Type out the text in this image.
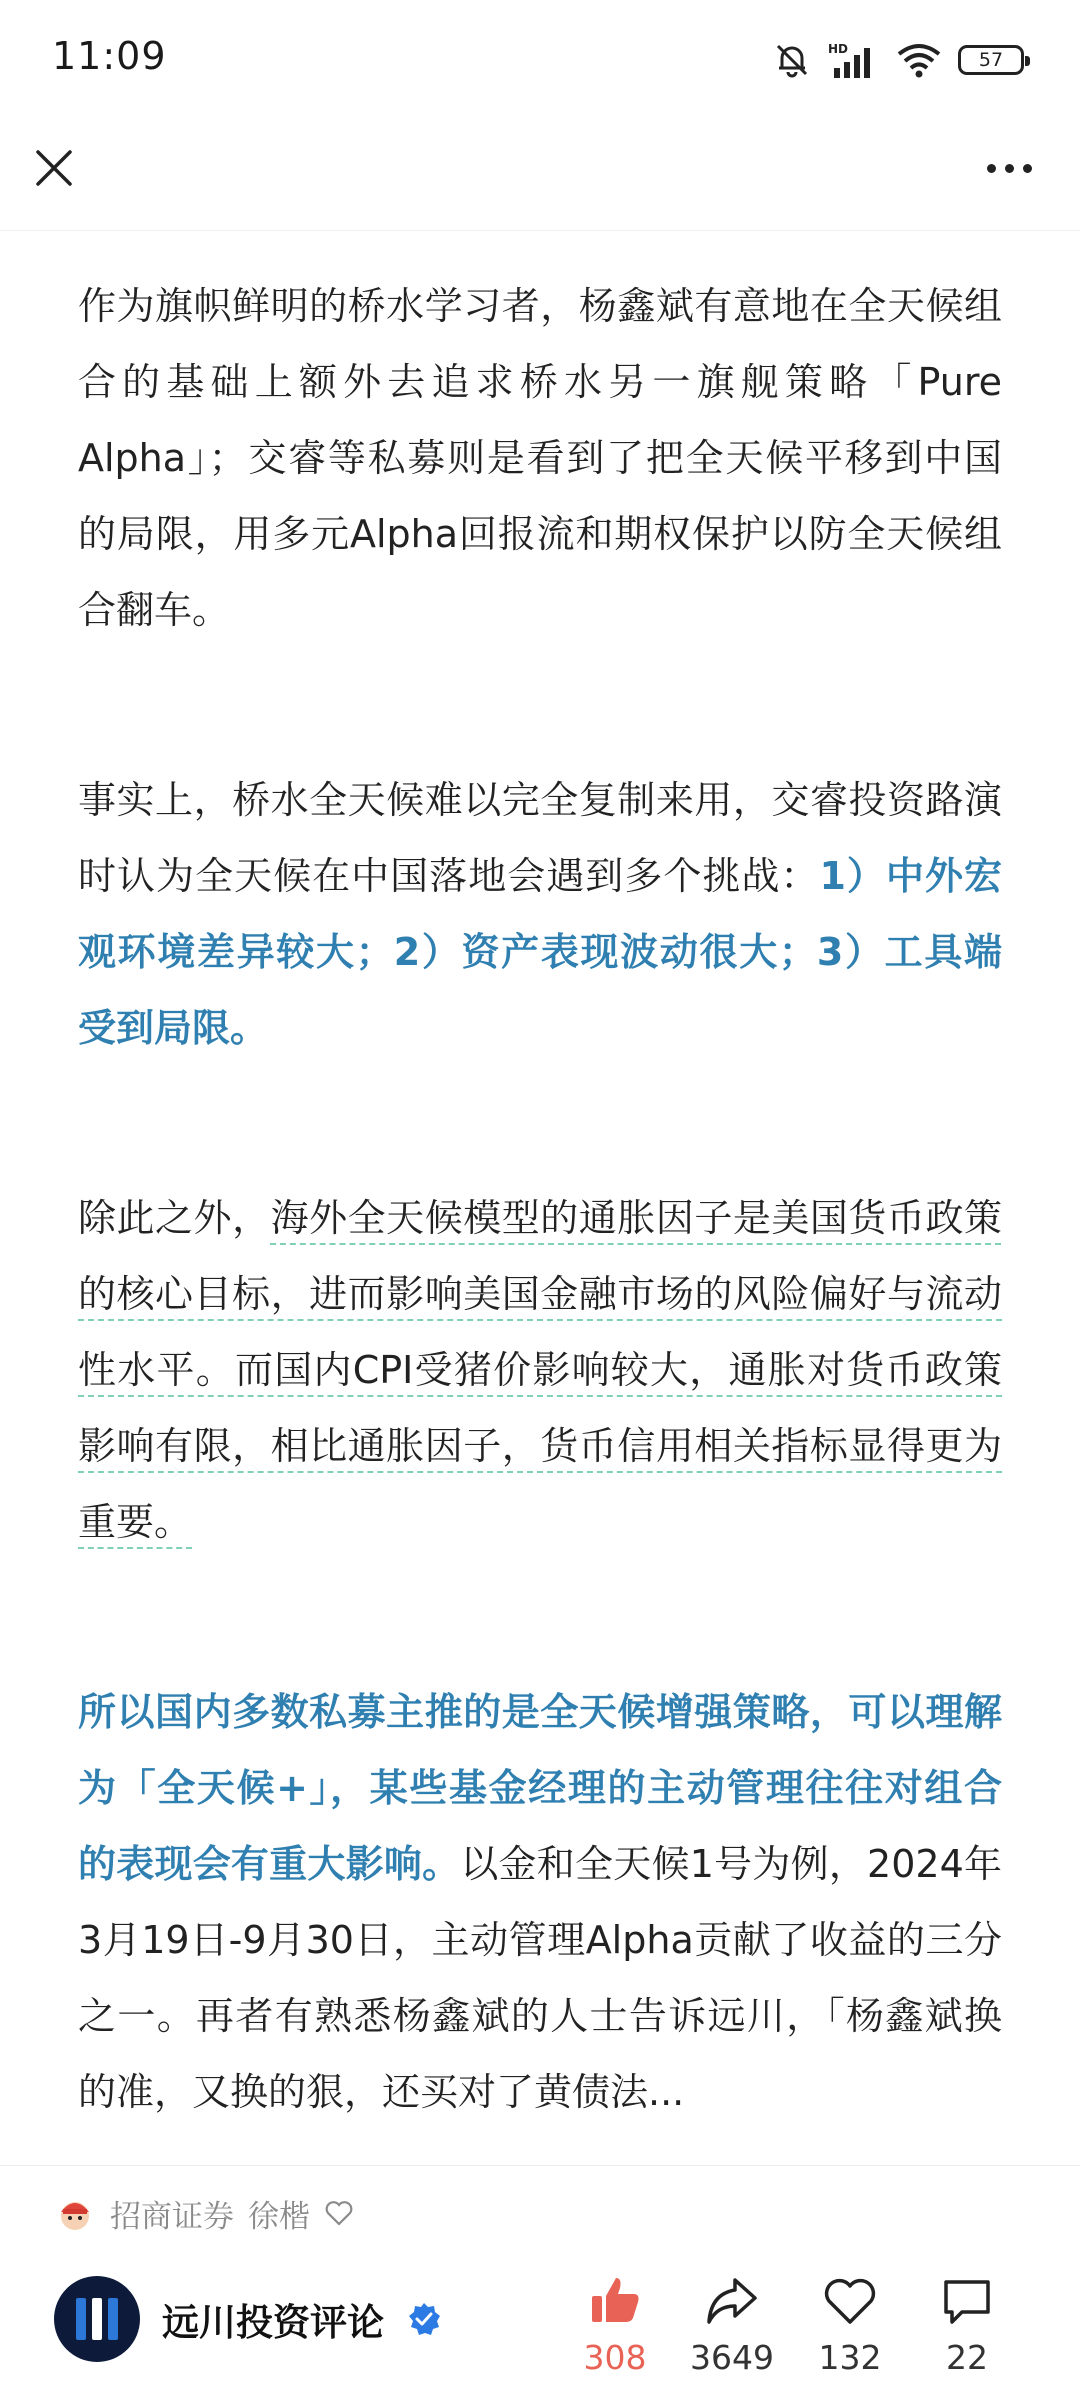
11:09	HD	57

作为旗帜鲜明的桥水学习者，杨鑫斌有意地在全天候组合的基础上额外去追求桥水另一旗舰策略「Pure Alpha」；交睿等私募则是看到了把全天候平移到中国的局限，用多元Alpha回报流和期权保护以防全天候组合翻车。

事实上，桥水全天候难以完全复制来用，交睿投资路演时认为全天候在中国落地会遇到多个挑战：1）中外宏观环境差异较大；2）资产表现波动很大；3）工具端受到局限。

除此之外，海外全天候模型的通胀因子是美国货币政策的核心目标，进而影响美国金融市场的风险偏好与流动性水平。而国内CPI受猪价影响较大，通胀对货币政策影响有限，相比通胀因子，货币信用相关指标显得更为重要。

所以国内多数私募主推的是全天候增强策略，可以理解为「全天候+」，某些基金经理的主动管理往往对组合的表现会有重大影响。以金和全天候1号为例，2024年3月19日-9月30日，主动管理Alpha贡献了收益的三分之一。再者有熟悉杨鑫斌的人士告诉远川，「杨鑫斌换的准，又换的狠，还买对了黄债法...

招商证券 徐楷
远川投资评论
308 3649 132 22
